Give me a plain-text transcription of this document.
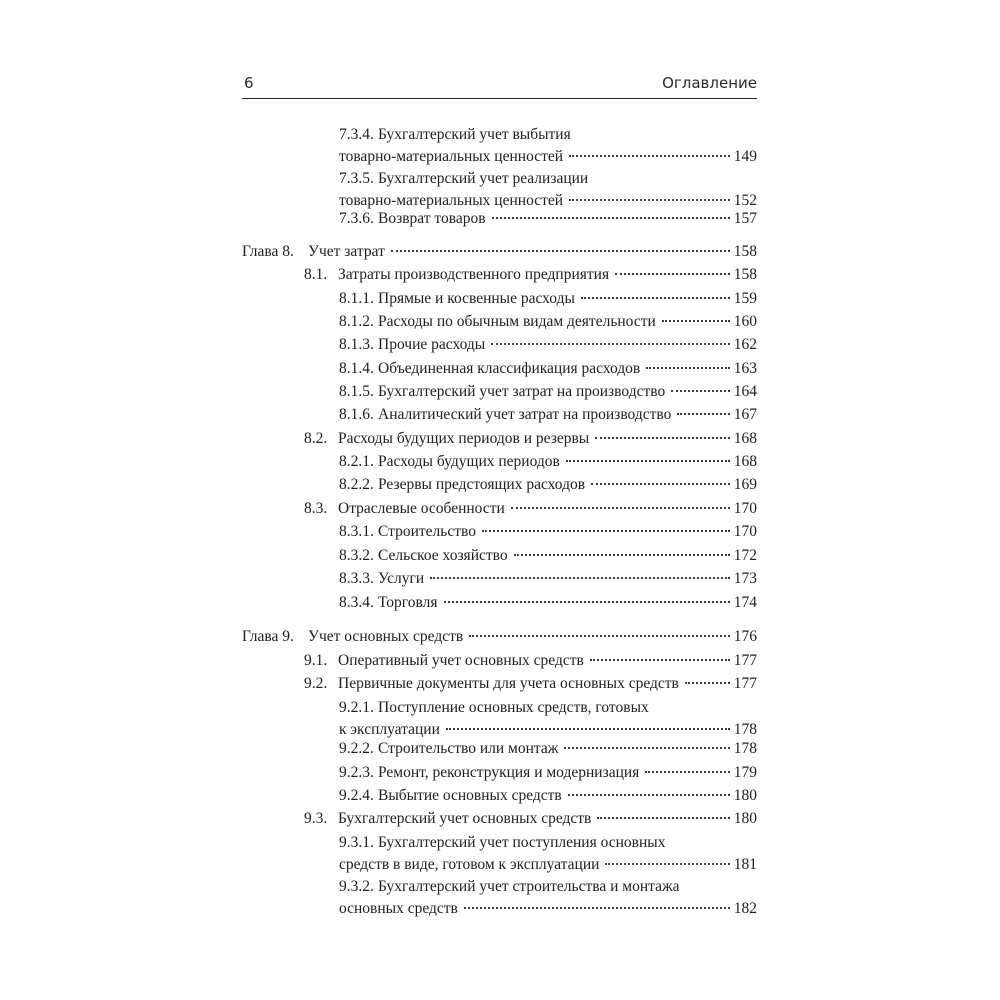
6	Оглавление
7.3.4. Бухгалтерский учет выбытия
товарно-материальных ценностей	149
7.3.5. Бухгалтерский учет реализации
товарно-материальных ценностей	152
7.3.6. Возврат товаров	157
Глава 8. Учет затрат	158
8.1. Затраты производственного предприятия	158
8.1.1. Прямые и косвенные расходы	159
8.1.2. Расходы по обычным видам деятельности	160
8.1.3. Прочие расходы	162
8.1.4. Объединенная классификация расходов	163
8.1.5. Бухгалтерский учет затрат на производство	164
8.1.6. Аналитический учет затрат на производство	167
8.2. Расходы будущих периодов и резервы	168
8.2.1. Расходы будущих периодов	168
8.2.2. Резервы предстоящих расходов	169
8.3. Отраслевые особенности	170
8.3.1. Строительство	170
8.3.2. Сельское хозяйство	172
8.3.3. Услуги	173
8.3.4. Торговля	174
Глава 9. Учет основных средств	176
9.1. Оперативный учет основных средств	177
9.2. Первичные документы для учета основных средств	177
9.2.1. Поступление основных средств, готовых
к эксплуатации	178
9.2.2. Строительство или монтаж	178
9.2.3. Ремонт, реконструкция и модернизация	179
9.2.4. Выбытие основных средств	180
9.3. Бухгалтерский учет основных средств	180
9.3.1. Бухгалтерский учет поступления основных
средств в виде, готовом к эксплуатации	181
9.3.2. Бухгалтерский учет строительства и монтажа
основных средств	182
